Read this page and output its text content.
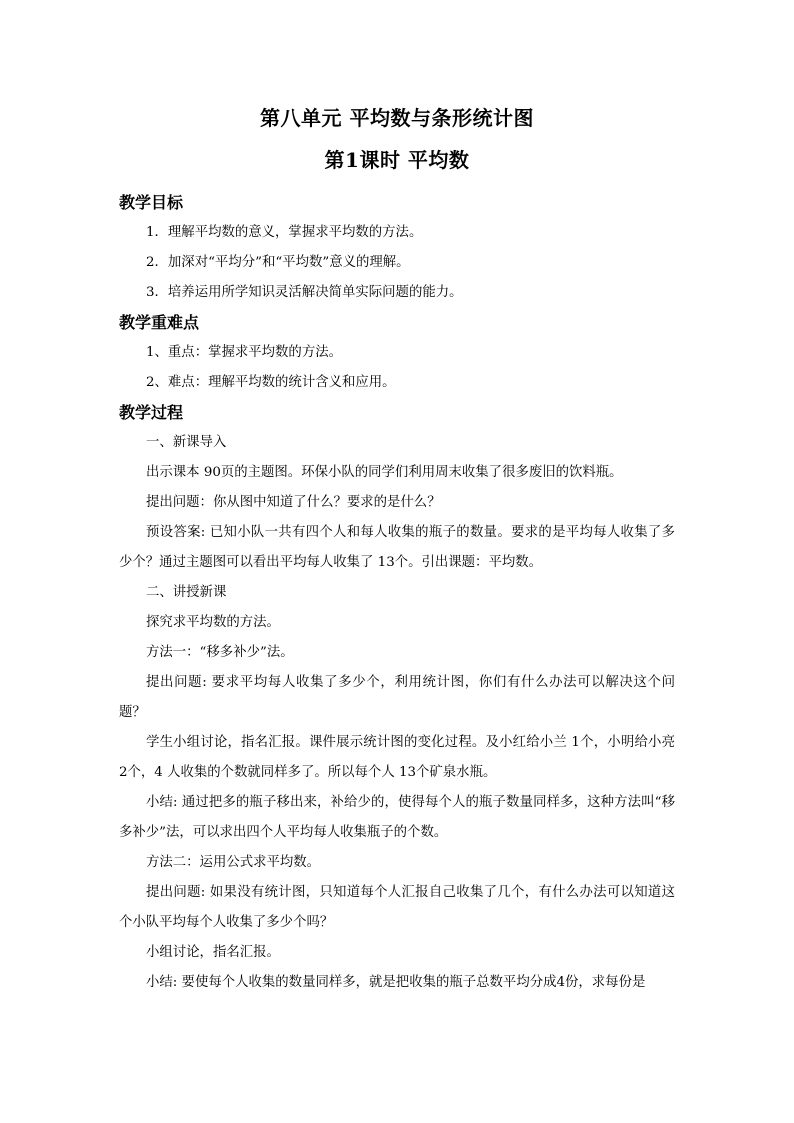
第八单元 平均数与条形统计图
第1课时 平均数
教学目标

1．理解平均数的意义，掌握求平均数的方法。

2．加深对“平均分”和“平均数”意义的理解。

3．培养运用所学知识灵活解决简单实际问题的能力。

教学重难点

1、重点：掌握求平均数的方法。

2、难点：理解平均数的统计含义和应用。

教学过程

一、新课导入

出示课本 90页的主题图。环保小队的同学们利用周末收集了很多废旧的饮料瓶。

提出问题：你从图中知道了什么？要求的是什么？

预设答案: 已知小队一共有四个人和每人收集的瓶子的数量。要求的是平均每人收集了多少个？通过主题图可以看出平均每人收集了 13个。引出课题：平均数。

二、讲授新课

探究求平均数的方法。

方法一：“移多补少”法。

提出问题: 要求平均每人收集了多少个，利用统计图，你们有什么办法可以解决这个问题？

学生小组讨论，指名汇报。课件展示统计图的变化过程。及小红给小兰 1个，小明给小亮 2个，4 人收集的个数就同样多了。所以每个人 13个矿泉水瓶。

小结: 通过把多的瓶子移出来，补给少的，使得每个人的瓶子数量同样多，这种方法叫“移多补少”法，可以求出四个人平均每人收集瓶子的个数。

方法二：运用公式求平均数。

提出问题: 如果没有统计图，只知道每个人汇报自己收集了几个，有什么办法可以知道这个小队平均每个人收集了多少个吗？

小组讨论，指名汇报。

小结: 要使每个人收集的数量同样多，就是把收集的瓶子总数平均分成4份，求每份是
